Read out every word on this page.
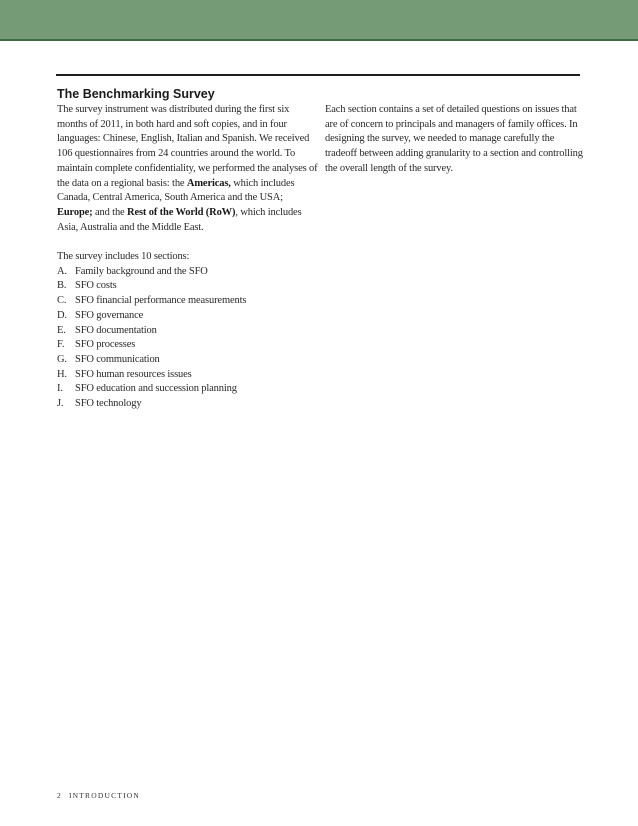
The Benchmarking Survey

The survey instrument was distributed during the first six months of 2011, in both hard and soft copies, and in four languages: Chinese, English, Italian and Spanish. We received 106 questionnaires from 24 countries around the world. To maintain complete confidentiality, we performed the analyses of the data on a regional basis: the Americas, which includes Canada, Central America, South America and the USA; Europe; and the Rest of the World (RoW), which includes Asia, Australia and the Middle East.

The survey includes 10 sections:

A. Family background and the SFO
B. SFO costs
C. SFO financial performance measurements
D. SFO governance
E. SFO documentation
F.	SFO processes
G. SFO communication
H. SFO human resources issues
I.	SFO education and succession planning
J.	SFO technology

Each section contains a set of detailed questions on issues that are of concern to principals and managers of family offices. In designing the survey, we needed to manage carefully the tradeoff between adding granularity to a section and controlling the overall length of the survey.

2 INTRODUCTION
